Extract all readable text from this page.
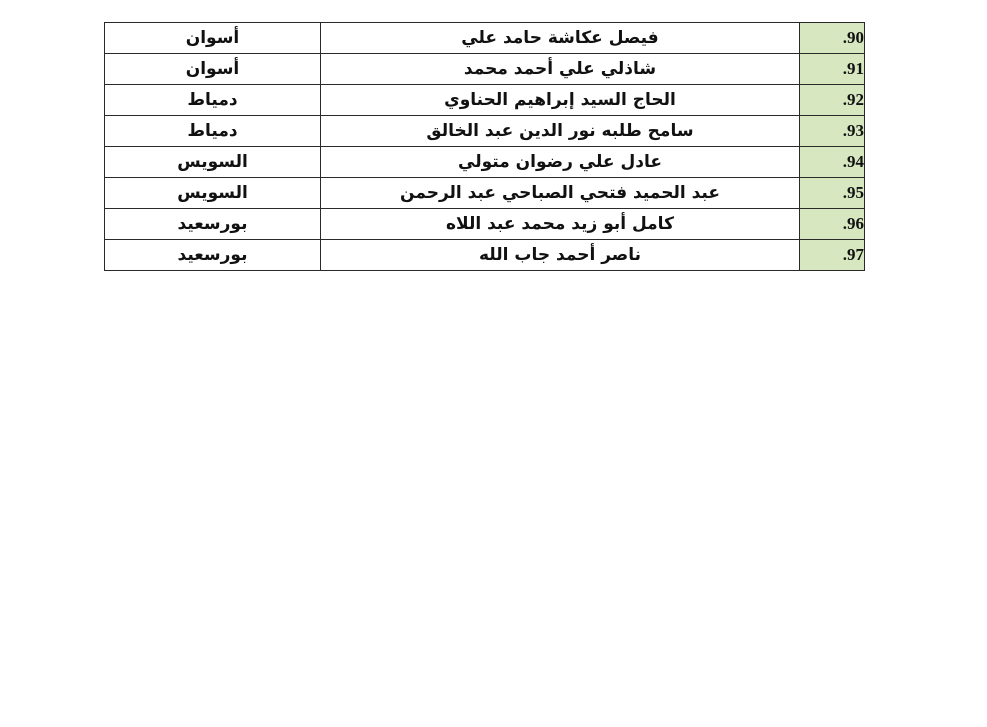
أسوان	فيصل عكاشة حامد علي	.90
أسوان	شاذلي علي أحمد محمد	.91
دمياط	الحاج السيد إبراهيم الحناوي	.92
دمياط	سامح طلبه نور الدين عبد الخالق	.93
السويس	عادل علي رضوان متولي	.94
السويس	عبد الحميد فتحي الصباحي عبد الرحمن	.95
بورسعيد	كامل أبو زيد محمد عبد اللاه	.96
بورسعيد	ناصر أحمد جاب الله	.97
